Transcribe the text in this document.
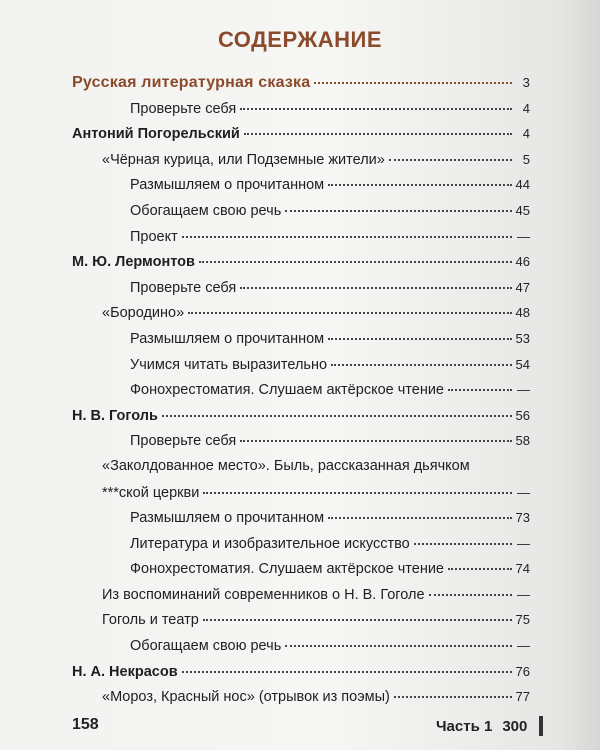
СОДЕРЖАНИЕ
Русская литературная сказка	3
Проверьте себя	4
Антоний Погорельский	4
«Чёрная курица, или Подземные жители»	5
Размышляем о прочитанном	44
Обогащаем свою речь	45
Проект	—
М. Ю. Лермонтов	46
Проверьте себя	47
«Бородино»	48
Размышляем о прочитанном	53
Учимся читать выразительно	54
Фонохрестоматия. Слушаем актёрское чтение	—
Н. В. Гоголь	56
Проверьте себя	58
«Заколдованное место». Быль, рассказанная дьячком
***ской церкви	—
Размышляем о прочитанном	73
Литература и изобразительное искусство	—
Фонохрестоматия. Слушаем актёрское чтение	74
Из воспоминаний современников о Н. В. Гоголе	—
Гоголь и театр	75
Обогащаем свою речь	—
Н. А. Некрасов	76
«Мороз, Красный нос» (отрывок из поэмы)	77
158	Часть 1 300
